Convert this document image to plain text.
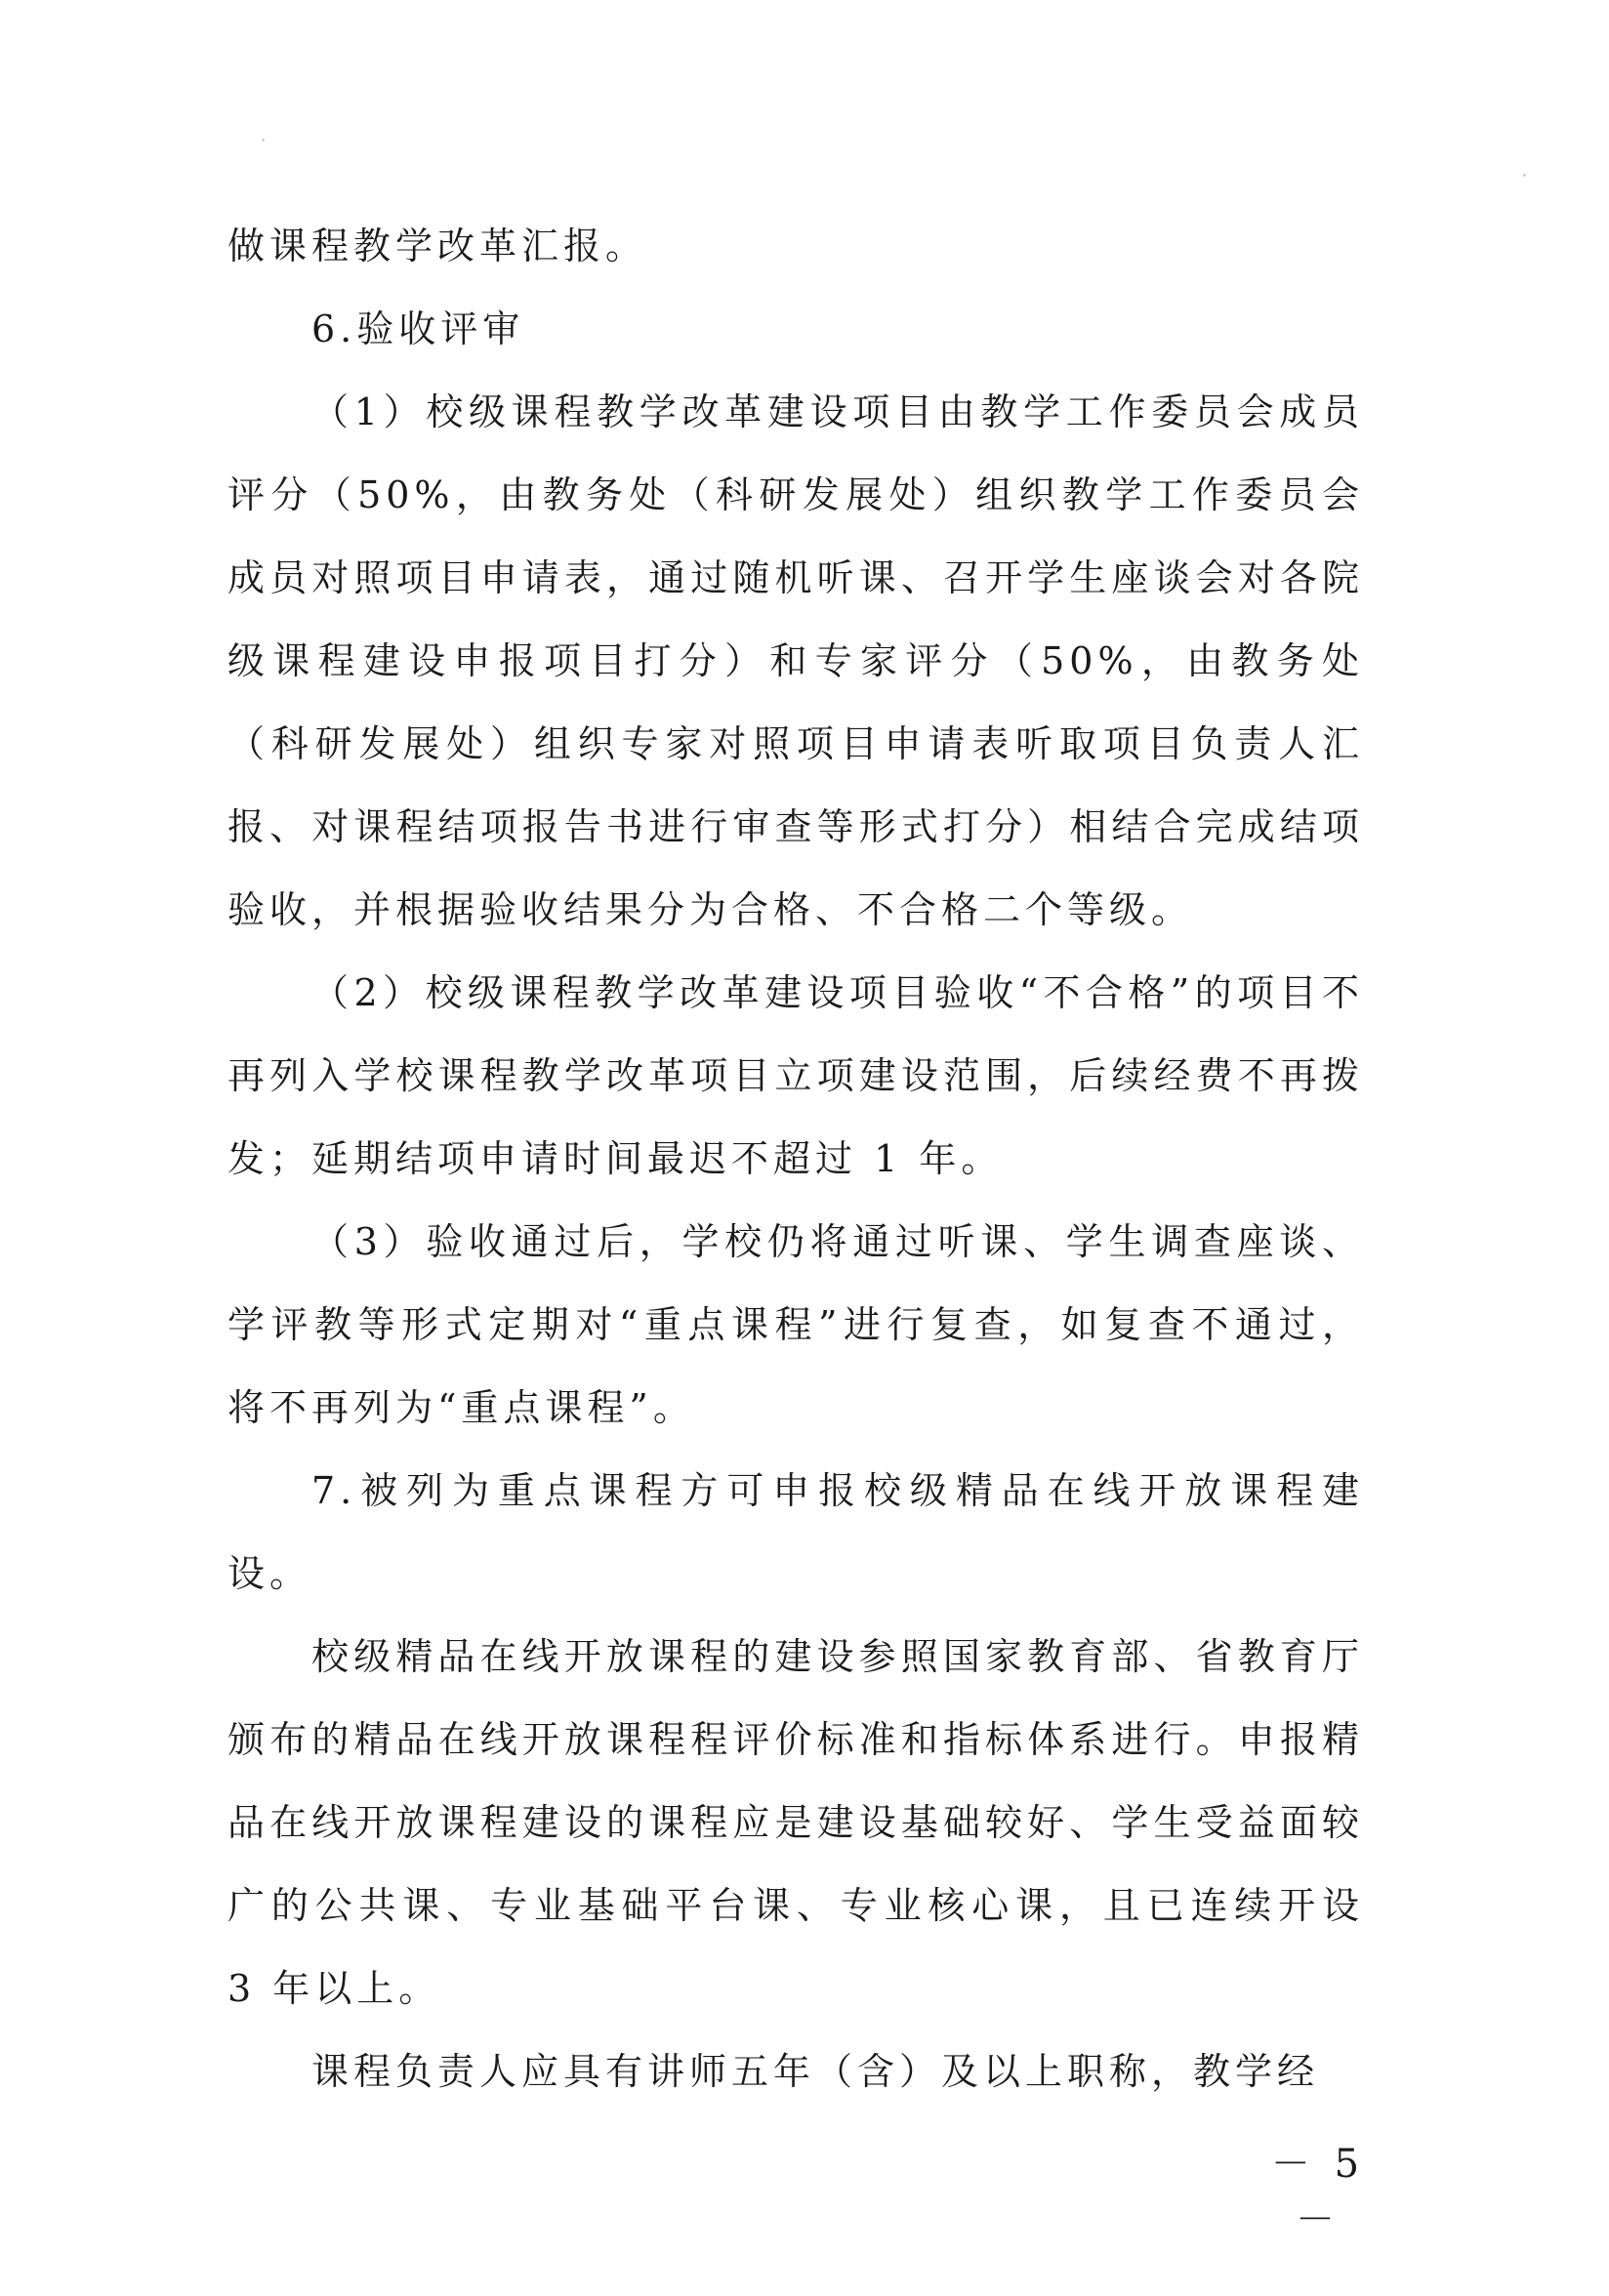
做课程教学改革汇报。

6.验收评审

（1）校级课程教学改革建设项目由教学工作委员会成员评分（50%，由教务处（科研发展处）组织教学工作委员会成员对照项目申请表，通过随机听课、召开学生座谈会对各院级课程建设申报项目打分）和专家评分（50%，由教务处（科研发展处）组织专家对照项目申请表听取项目负责人汇报、对课程结项报告书进行审查等形式打分）相结合完成结项验收，并根据验收结果分为合格、不合格二个等级。

（2）校级课程教学改革建设项目验收“不合格”的项目不再列入学校课程教学改革项目立项建设范围，后续经费不再拨发；延期结项申请时间最迟不超过 1 年。

（3）验收通过后，学校仍将通过听课、学生调查座谈、学评教等形式定期对“重点课程”进行复查，如复查不通过，将不再列为“重点课程”。

7.被列为重点课程方可申报校级精品在线开放课程建设。

校级精品在线开放课程的建设参照国家教育部、省教育厅颁布的精品在线开放课程程评价标准和指标体系进行。申报精品在线开放课程建设的课程应是建设基础较好、学生受益面较广的公共课、专业基础平台课、专业核心课，且已连续开设 3 年以上。

课程负责人应具有讲师五年（含）及以上职称，教学经

－ 5 －
